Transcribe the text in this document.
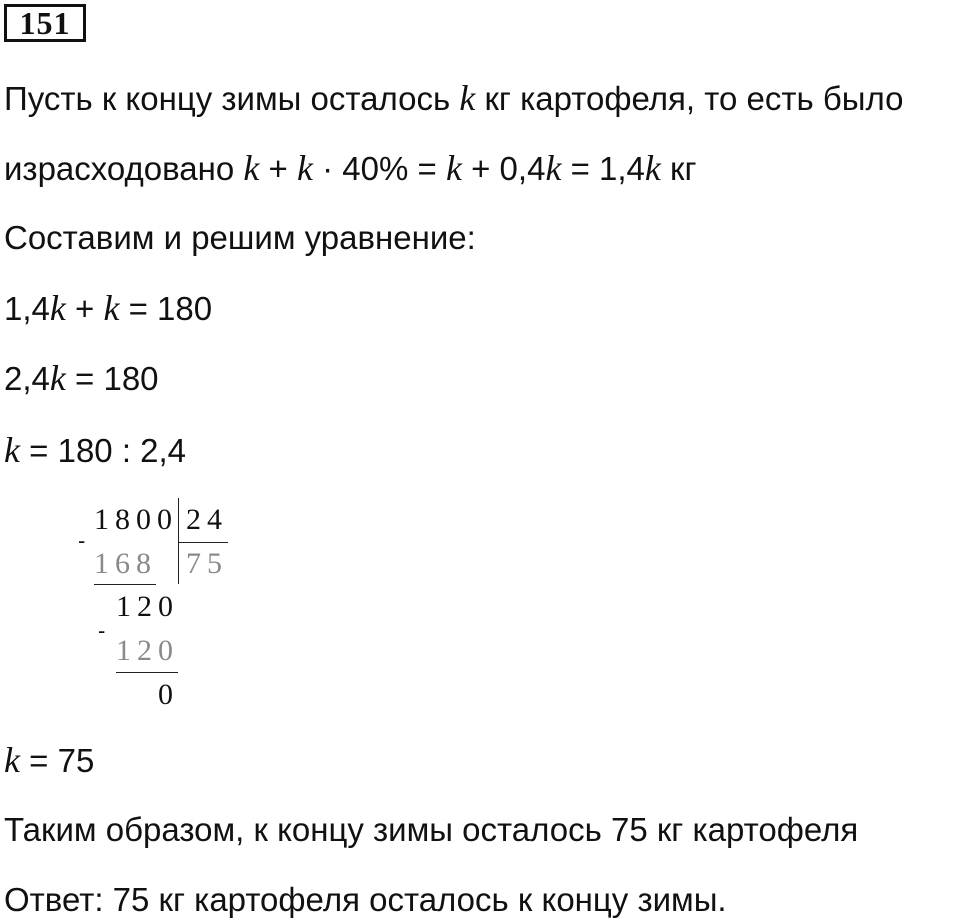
151
Пусть к концу зимы осталось k кг картофеля, то есть было
израсходовано k + k · 40% = k + 0,4k = 1,4k кг
Составим и решим уравнение:
1,4k + k = 180
2,4k = 180
k = 180 : 2,4
1800 24
-
168 75
120
-
120
0
k = 75
Таким образом, к концу зимы осталось 75 кг картофеля
Ответ: 75 кг картофеля осталось к концу зимы.
